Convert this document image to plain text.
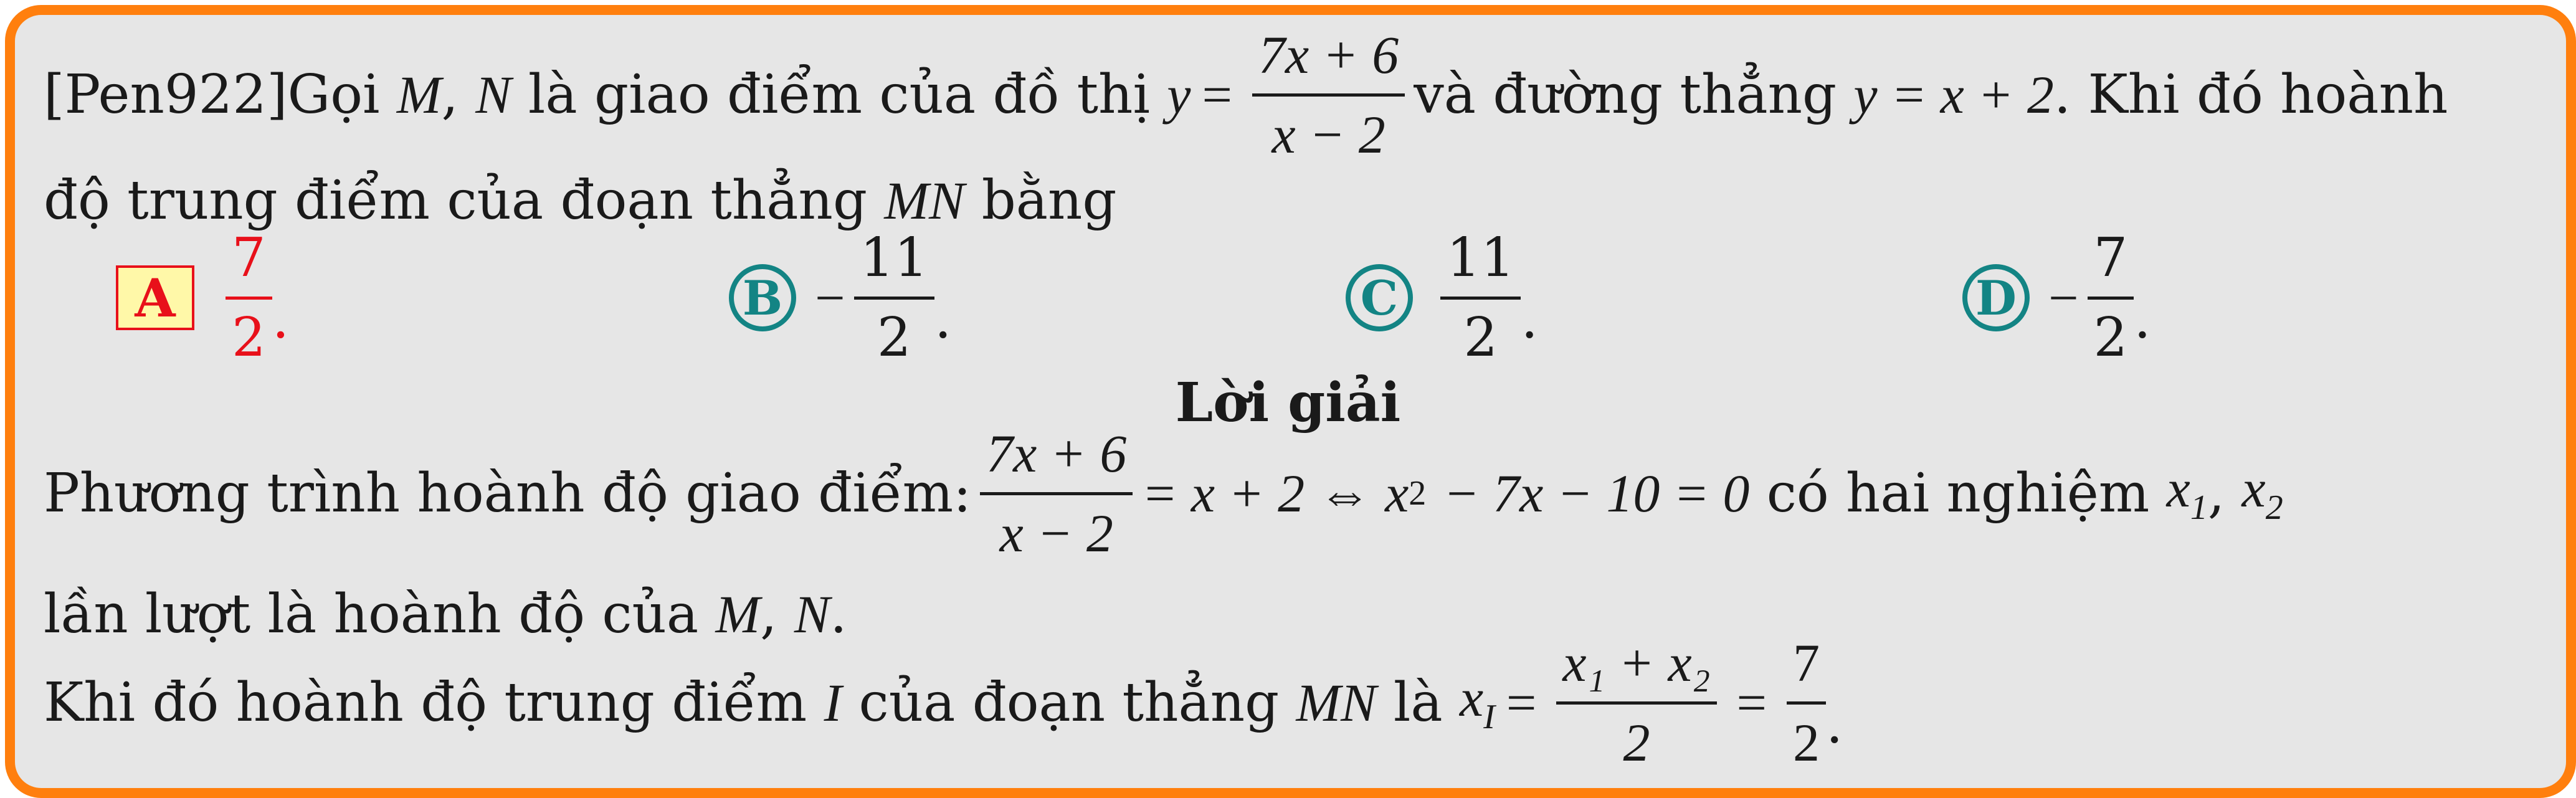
[Pen922] Gọi
M ,
N
là giao điểm của đồ thị
y =
7x + 6
x − 2
và đường thẳng
y = x + 2 . Khi đó hoành
độ trung điểm của đoạn thẳng
MN
bằng
A
7
2 .	B −
11
2 .	C
11
2 .	D −
7
2 .
Lời giải
Phương trình hoành độ giao điểm:
7x + 6
x − 2
= x + 2 ⇔ x 2
− 7x − 10 = 0
có hai nghiệm
$x_1$ ,
$x_2$
lần lượt là hoành độ của
M ,
N .
Khi đó hoành độ trung điểm
I
của đoạn thẳng
MN
là
$x_I$ =
x₁ + x₂
2
=
7
2 .
